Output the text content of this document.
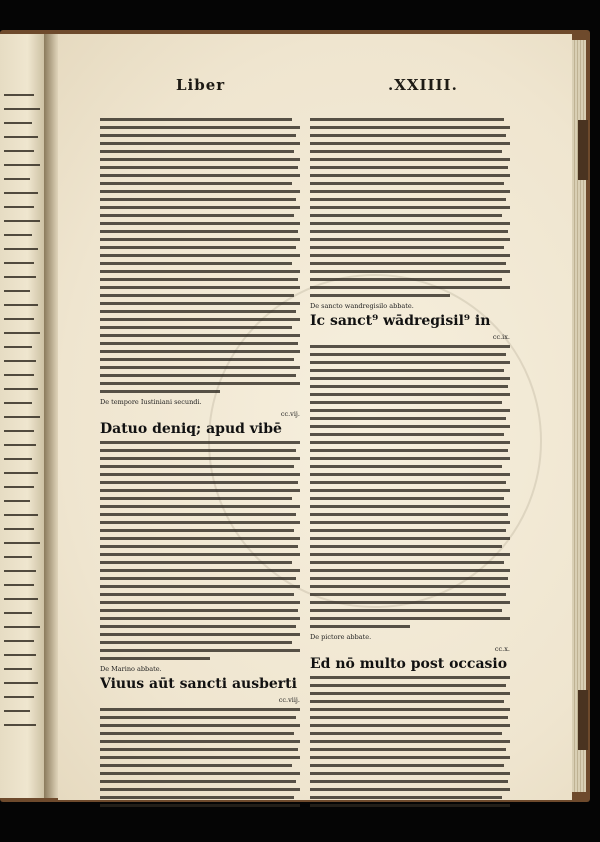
Liber	.XXIIII.
De tempore Iustiniani secundi.
cc.vij.
Datuo deniq; apud vibē
De Marino abbate.
Viuus aūt sancti ausberti
cc.viij.
De sancto wandregisilo abbate.
Ic sanct⁹ wādregisil⁹ in
cc.ix.
De pictore abbate.
cc.x.
Ed nō multo post occasio
